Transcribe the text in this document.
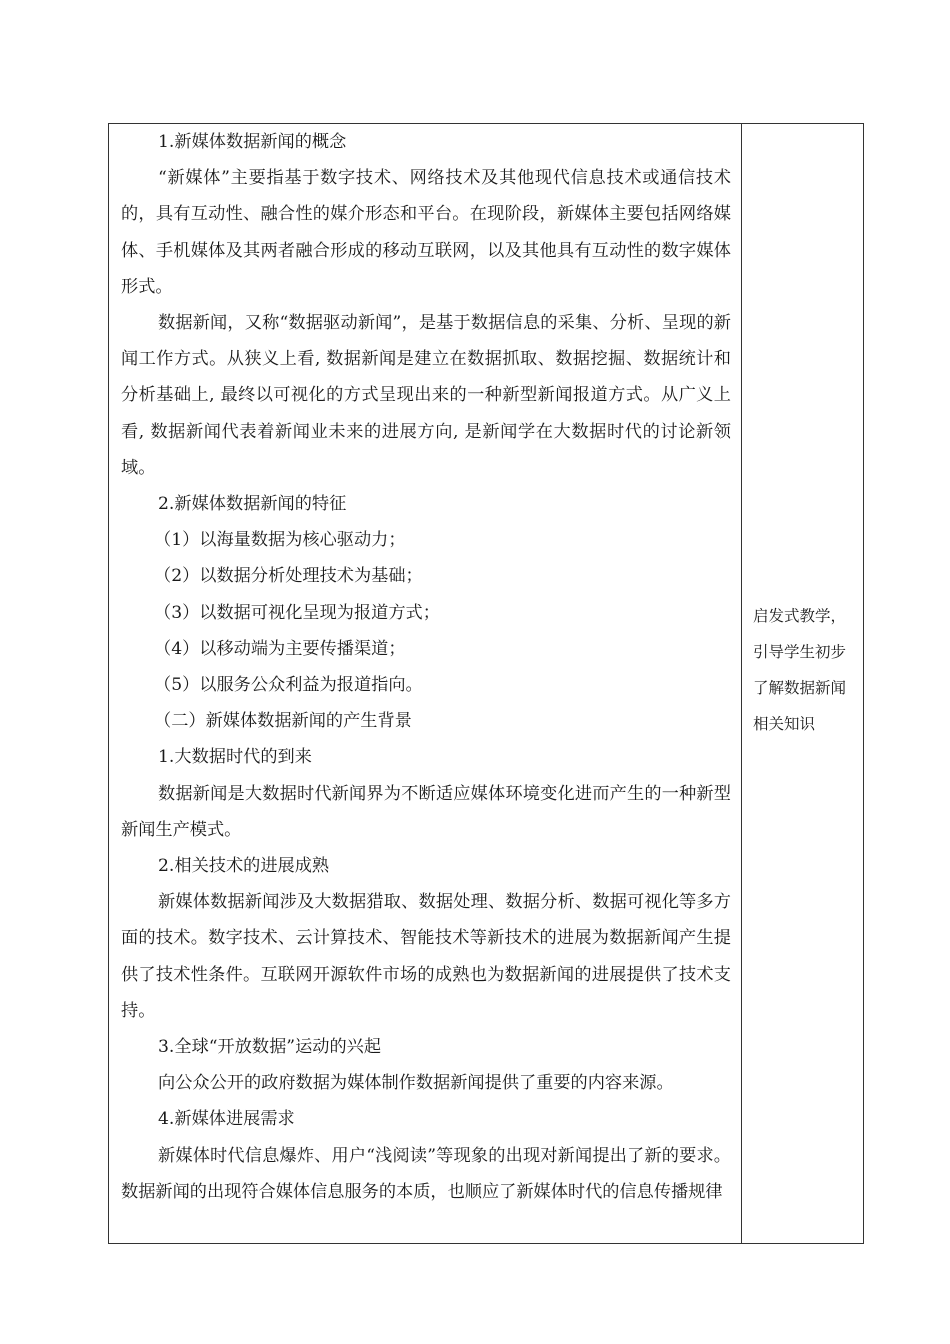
1.新媒体数据新闻的概念

“新媒体”主要指基于数字技术、网络技术及其他现代信息技术或通信技术的，具有互动性、融合性的媒介形态和平台。在现阶段，新媒体主要包括网络媒体、手机媒体及其两者融合形成的移动互联网，以及其他具有互动性的数字媒体形式。

数据新闻，又称“数据驱动新闻”，是基于数据信息的采集、分析、呈现的新闻工作方式。从狭义上看, 数据新闻是建立在数据抓取、数据挖掘、数据统计和分析基础上, 最终以可视化的方式呈现出来的一种新型新闻报道方式。从广义上看, 数据新闻代表着新闻业未来的进展方向, 是新闻学在大数据时代的讨论新领域。

2.新媒体数据新闻的特征

（1）以海量数据为核心驱动力；

（2）以数据分析处理技术为基础；

（3）以数据可视化呈现为报道方式；

（4）以移动端为主要传播渠道；

（5）以服务公众利益为报道指向。

（二）新媒体数据新闻的产生背景

1.大数据时代的到来

数据新闻是大数据时代新闻界为不断适应媒体环境变化进而产生的一种新型新闻生产模式。

2.相关技术的进展成熟

新媒体数据新闻涉及大数据猎取、数据处理、数据分析、数据可视化等多方面的技术。数字技术、云计算技术、智能技术等新技术的进展为数据新闻产生提供了技术性条件。互联网开源软件市场的成熟也为数据新闻的进展提供了技术支持。

3.全球“开放数据”运动的兴起

向公众公开的政府数据为媒体制作数据新闻提供了重要的内容来源。

4.新媒体进展需求

新媒体时代信息爆炸、用户“浅阅读”等现象的出现对新闻提出了新的要求。数据新闻的出现符合媒体信息服务的本质，也顺应了新媒体时代的信息传播规律

启发式教学，
引导学生初步
了解数据新闻
相关知识
